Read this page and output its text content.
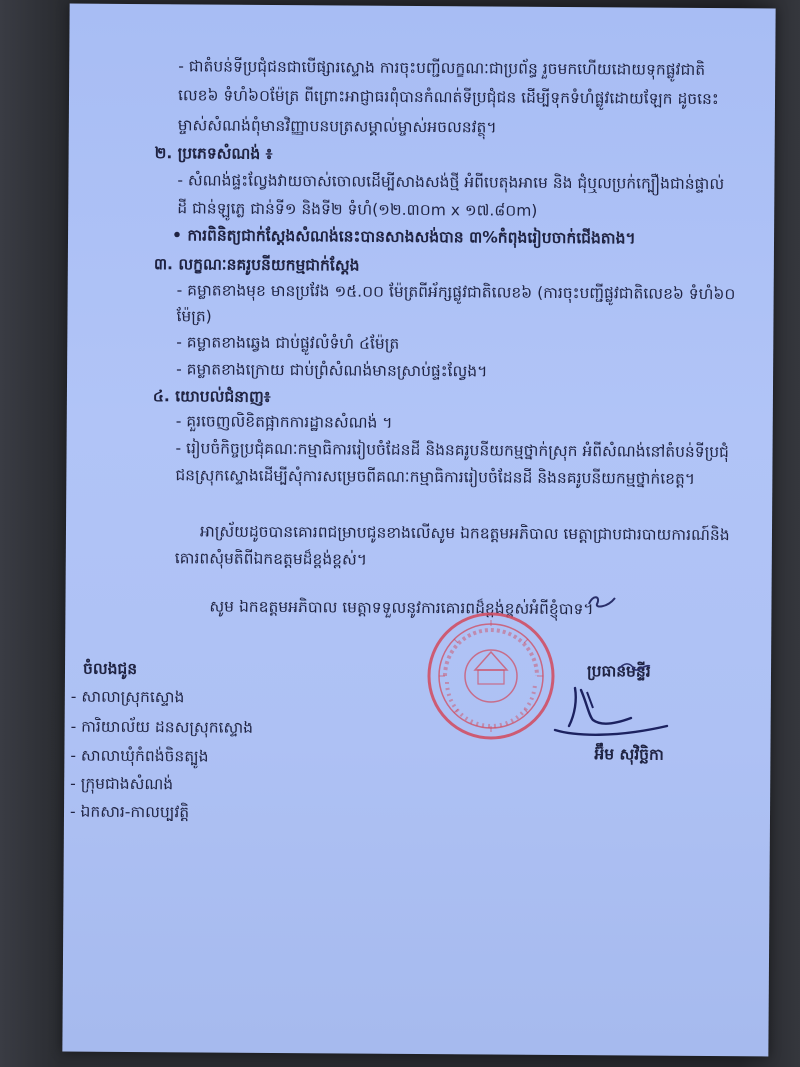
- ជាតំបន់ទីប្រជុំជនជាបើផ្សារស្ទោង ការចុះបញ្ជីលក្ខណៈជាប្រព័ន្ធ រួចមកហើយដោយទុកផ្លូវជាតិ
លេខ៦ ទំហំ៦០ម៉ែត្រ ពីព្រោះអាជ្ញាធរពុំបានកំណត់ទីប្រជុំជន ដើម្បីទុកទំហំផ្លូវដោយឡែក ដូចនេះ
ម្ចាស់សំណង់ពុំមានវិញ្ញាបនបត្រសម្គាល់ម្ចាស់អចលនវត្ថុ។
២. ប្រភេទសំណង់ ៖
- សំណង់ផ្ទះល្វែងវាយចាស់ចោលដើម្បីសាងសង់ថ្មី អំពីបេតុងអាមេ និង ជុំឬលប្រក់ក្បឿងជាន់ផ្ទាល់
ដី ជាន់ឡូភ្លេ ជាន់ទី១ និងទី២ ទំហំ(១២.៣០m x ១៧.៨០m)
• ការពិនិត្យជាក់ស្តែងសំណង់នេះបានសាងសង់បាន ៣%កំពុងរៀបចាក់ជើងតាង។
៣. លក្ខណៈនគរូបនីយកម្មជាក់ស្តែង
- គម្លាតខាងមុខ មានប្រវែង ១៥.០០ ម៉ែត្រពីអ័ក្សផ្លូវជាតិលេខ៦ (ការចុះបញ្ជីផ្លូវជាតិលេខ៦ ទំហំ៦០
ម៉ែត្រ)
- គម្លាតខាងឆ្វេង ជាប់ផ្លូវលំទំហំ ៤ម៉ែត្រ
- គម្លាតខាងក្រោយ ជាប់ព្រំសំណង់មានស្រាប់ផ្ទះល្វែង។
៤. យោបល់ជំនាញ៖
- គួរចេញលិខិតផ្អាកការដ្ឋានសំណង់ ។
- រៀបចំកិច្ចប្រជុំគណៈកម្មាធិការរៀបចំដែនដី និងនគរូបនីយកម្មថ្នាក់ស្រុក អំពីសំណង់នៅតំបន់ទីប្រជុំ
ជនស្រុកស្ទោងដើម្បីសុំការសម្រេចពីគណៈកម្មាធិការរៀបចំដែនដី និងនគរូបនីយកម្មថ្នាក់ខេត្ត។
អាស្រ័យដូចបានគោរពជម្រាបជូនខាងលើសូម ឯកឧត្តមអភិបាល មេត្តាជ្រាបជារបាយការណ៍និង
គោរពសុំមតិពីឯកឧត្តមដ៏ខ្ពង់ខ្ពស់។
សូម ឯកឧត្តមអភិបាល មេត្តាទទួលនូវការគោរពដ៏ខ្ពង់ខ្ពស់អំពីខ្ញុំបាទ។
ចំលងជូន
- សាលាស្រុកស្ទោង
- ការិយាល័យ ដនសស្រុកស្ទោង
- សាលាឃុំកំពង់ចិនត្បូង
- ក្រុមជាងសំណង់
- ឯកសារ-កាលប្បវត្តិ
ប្រធានមន្ទីរ
អ៊ឹម សុវិច្ឆិកា
